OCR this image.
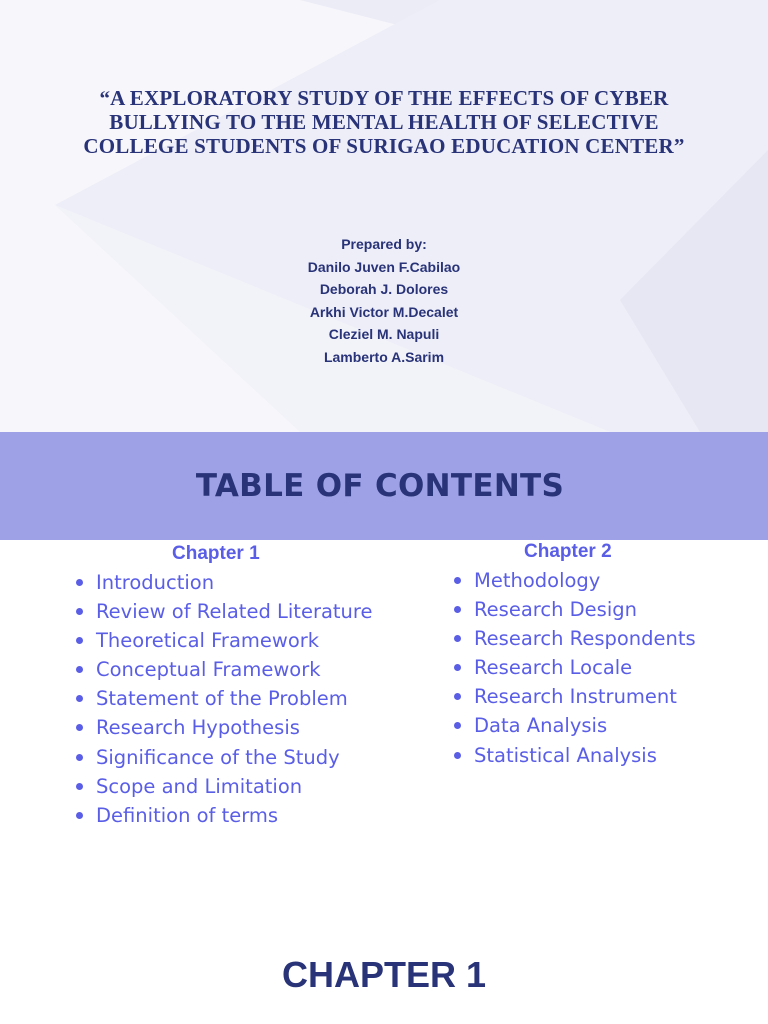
“A EXPLORATORY STUDY OF THE EFFECTS OF CYBER BULLYING TO THE MENTAL HEALTH OF SELECTIVE COLLEGE STUDENTS OF SURIGAO EDUCATION CENTER”
Prepared by:
Danilo Juven F.Cabilao
Deborah J. Dolores
Arkhi Victor M.Decalet
Cleziel M. Napuli
Lamberto A.Sarim
TABLE OF CONTENTS
Chapter 1
Introduction
Review of Related Literature
Theoretical Framework
Conceptual Framework
Statement of the Problem
Research Hypothesis
Significance of the Study
Scope and Limitation
Definition of terms
Chapter 2
Methodology
Research Design
Research Respondents
Research Locale
Research Instrument
Data Analysis
Statistical Analysis
CHAPTER 1
